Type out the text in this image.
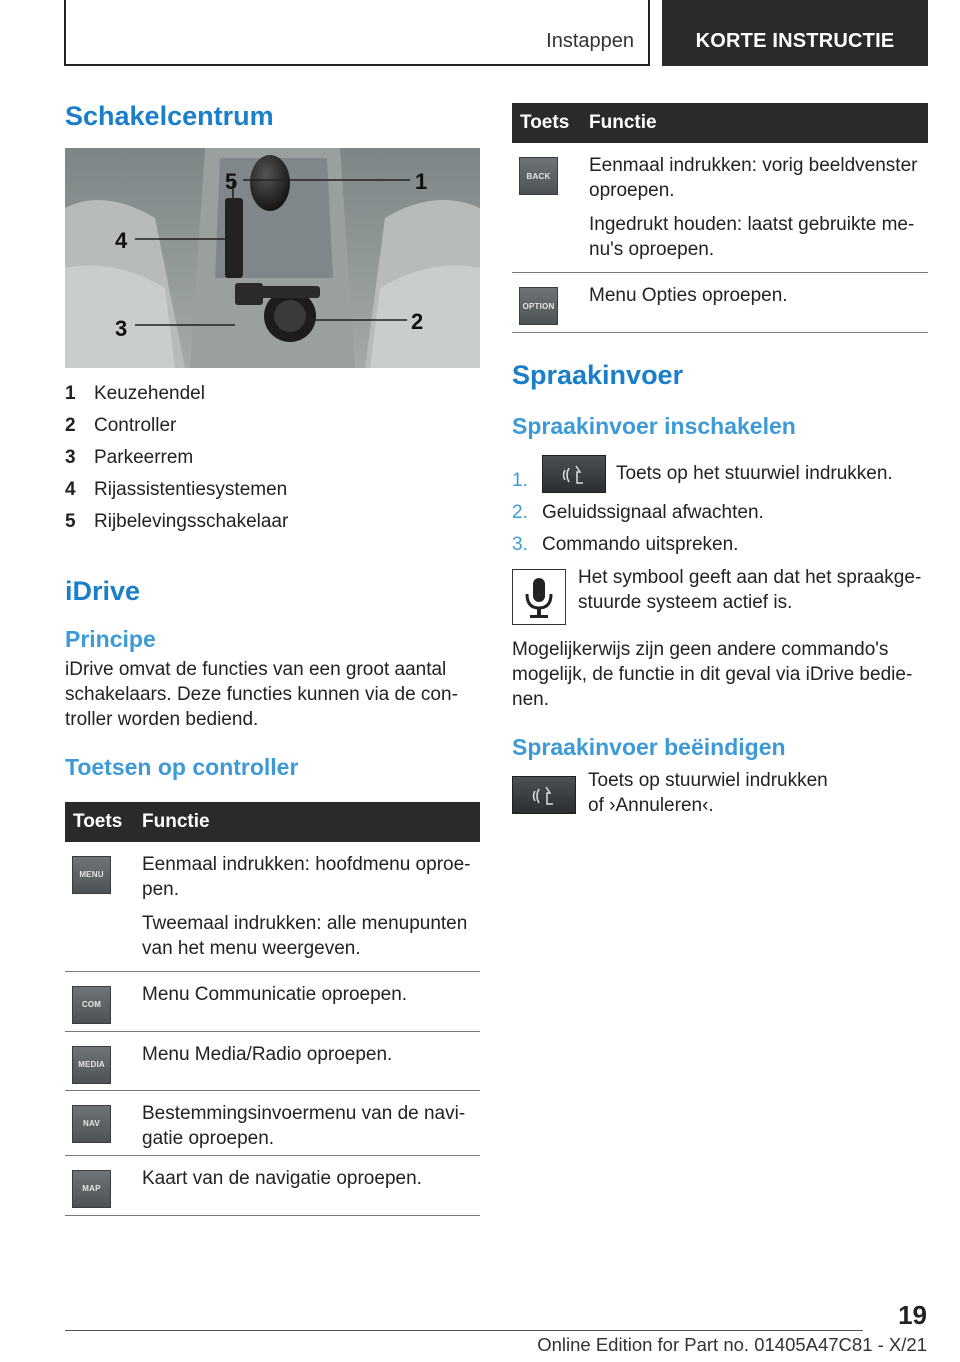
Instappen	KORTE INSTRUCTIE
Schakelcentrum
1
2
3
4
5
1 Keuzehendel
2 Controller
3 Parkeerrem
4 Rijassistentiesystemen
5 Rijbelevingsschakelaar
iDrive
Principe

iDrive omvat de functies van een groot aantal schakelaars. Deze functies kunnen via de controller worden bediend.

Toetsen op controller
Toets	Functie
MENU	Eenmaal indrukken: hoofdmenu oproepen.

Tweemaal indrukken: alle menupunten van het menu weergeven.

COM	Menu Communicatie oproepen.

MEDIA	Menu Media/Radio oproepen.

NAV	Bestemmingsinvoermenu van de navigatie oproepen.

MAP	Kaart van de navigatie oproepen.

Toets	Functie
BACK	Eenmaal indrukken: vorig beeldvenster oproepen.

Ingedrukt houden: laatst gebruikte menu's oproepen.

OPTION Menu Opties oproepen.

Spraakinvoer
Spraakinvoer inschakelen
1.	Toets op het stuurwiel indrukken.
2. Geluidssignaal afwachten.
3. Commando uitspreken.

Het symbool geeft aan dat het spraakgestuurde systeem actief is.

Mogelijkerwijs zijn geen andere commando's mogelijk, de functie in dit geval via iDrive bedienen.

Spraakinvoer beëindigen

Toets op stuurwiel indrukken of ›Annuleren‹.

19
Online Edition for Part no. 01405A47C81 - X/21
